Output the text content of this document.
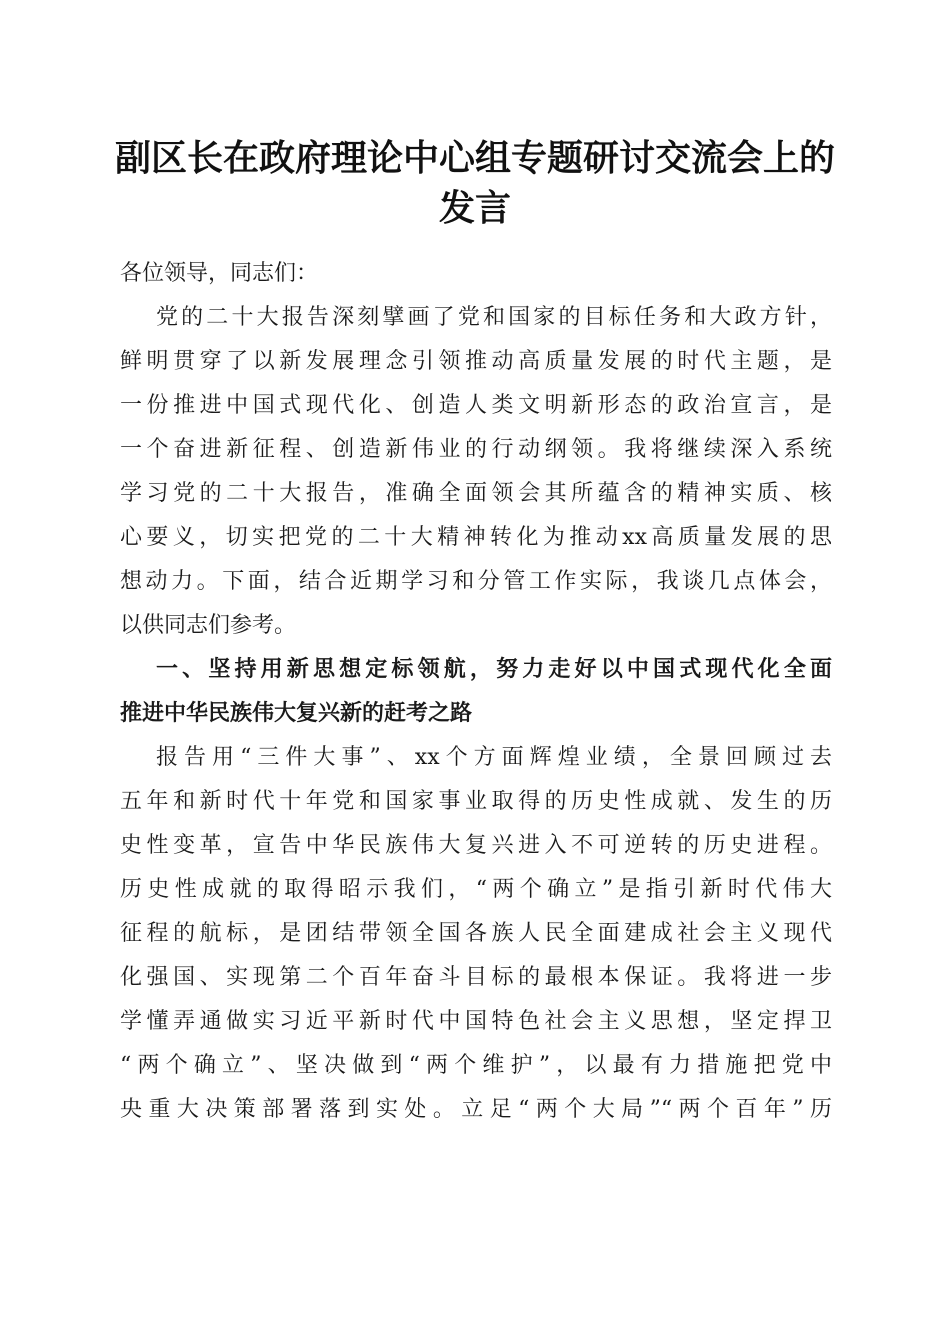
副区长在政府理论中心组专题研讨交流会上的
发言
各位领导，同志们：
党的二十大报告深刻擘画了党和国家的目标任务和大政方针，
鲜明贯穿了以新发展理念引领推动高质量发展的时代主题，是
一份推进中国式现代化、创造人类文明新形态的政治宣言，是
一个奋进新征程、创造新伟业的行动纲领。我将继续深入系统
学习党的二十大报告，准确全面领会其所蕴含的精神实质、核
心要义，切实把党的二十大精神转化为推动xx高质量发展的思
想动力。下面，结合近期学习和分管工作实际，我谈几点体会，
以供同志们参考。
一、坚持用新思想定标领航，努力走好以中国式现代化全面
推进中华民族伟大复兴新的赶考之路
报告用“三件大事”、xx个方面辉煌业绩，全景回顾过去
五年和新时代十年党和国家事业取得的历史性成就、发生的历
史性变革，宣告中华民族伟大复兴进入不可逆转的历史进程。
历史性成就的取得昭示我们，“两个确立”是指引新时代伟大
征程的航标，是团结带领全国各族人民全面建成社会主义现代
化强国、实现第二个百年奋斗目标的最根本保证。我将进一步
学懂弄通做实习近平新时代中国特色社会主义思想，坚定捍卫
“两个确立”、坚决做到“两个维护”，以最有力措施把党中
央重大决策部署落到实处。立足“两个大局”“两个百年”历
